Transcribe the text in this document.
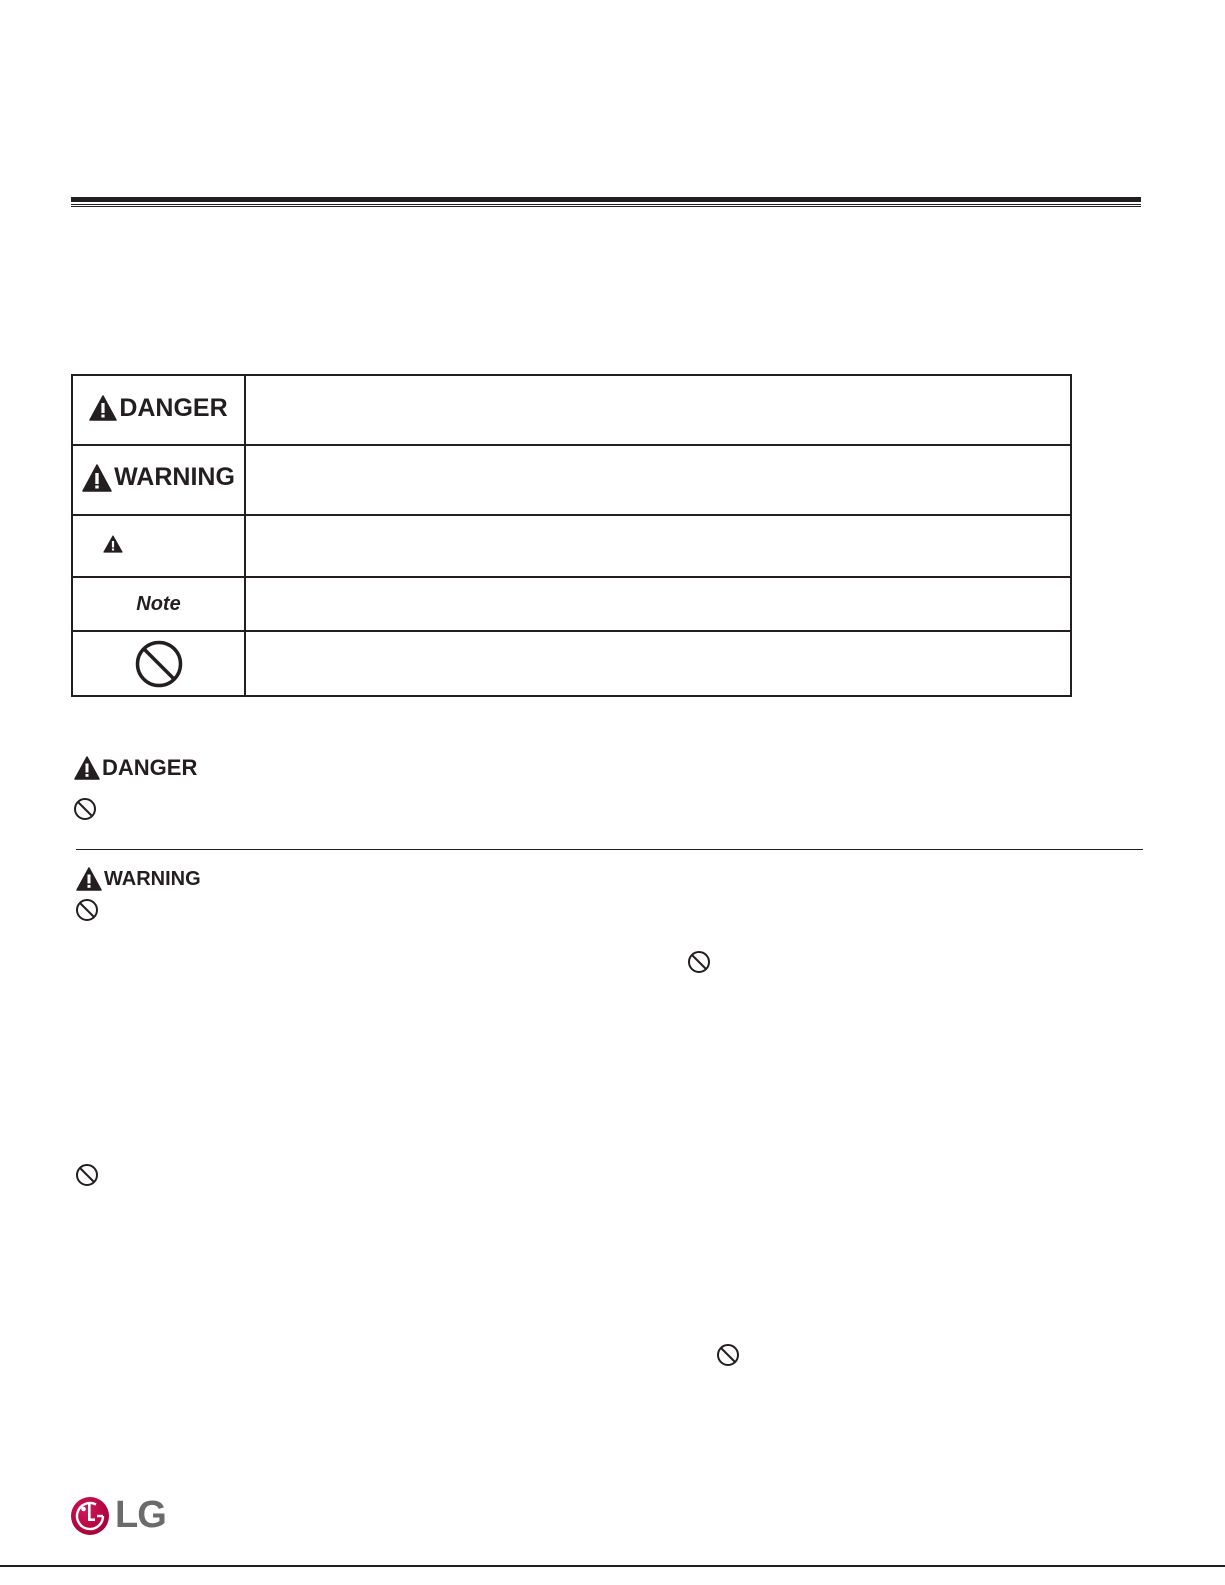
DANGER	

WARNING	

Note	

DANGER
WARNING
LG
